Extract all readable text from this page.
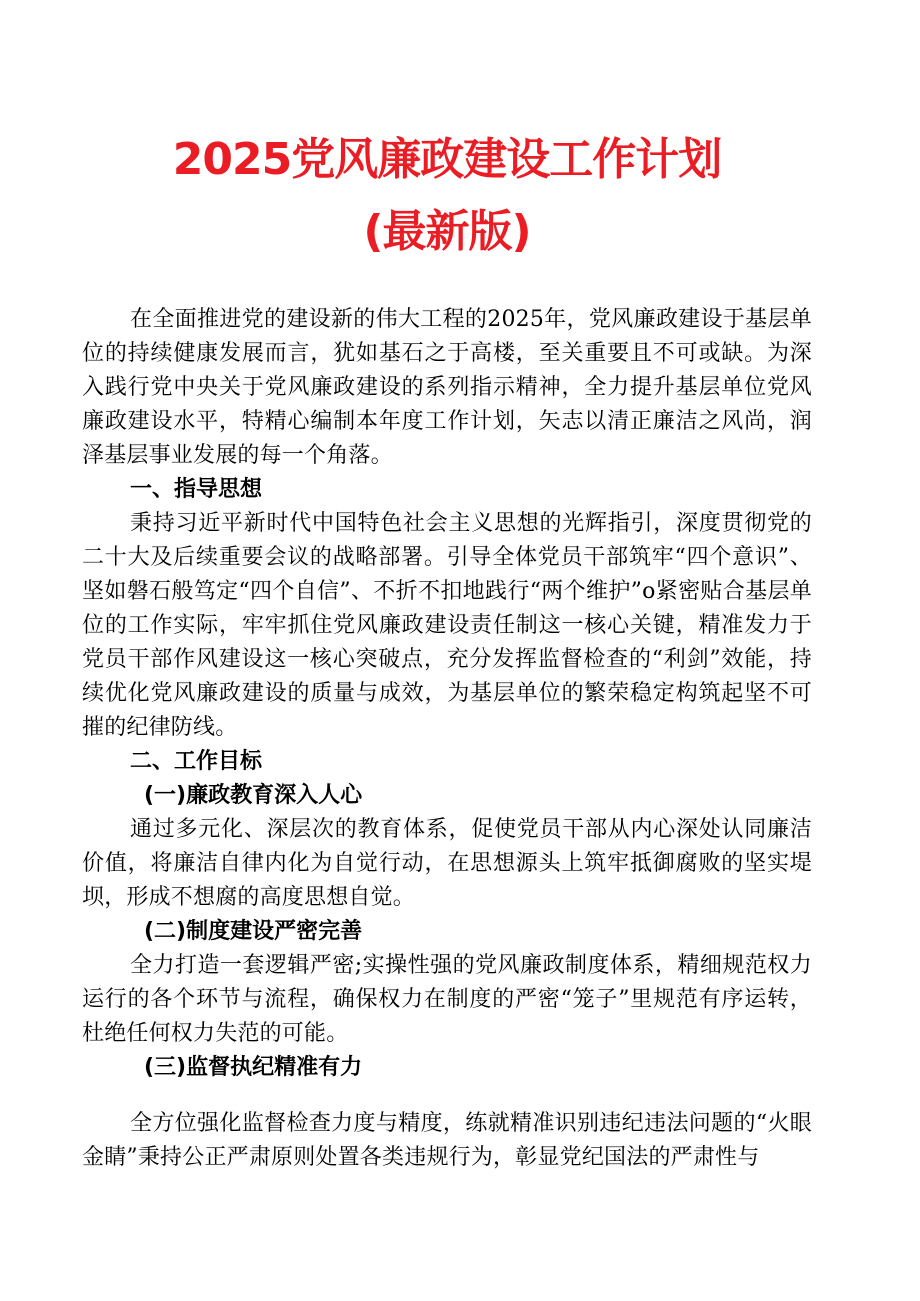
2025党风廉政建设工作计划
(最新版)

在全面推进党的建设新的伟大工程的2025年，党风廉政建设于基层单位的持续健康发展而言，犹如基石之于高楼，至关重要且不可或缺。为深入践行党中央关于党风廉政建设的系列指示精神，全力提升基层单位党风廉政建设水平，特精心编制本年度工作计划，矢志以清正廉洁之风尚，润泽基层事业发展的每一个角落。

一、指导思想

秉持习近平新时代中国特色社会主义思想的光辉指引，深度贯彻党的二十大及后续重要会议的战略部署。引导全体党员干部筑牢“四个意识”、坚如磐石般笃定“四个自信”、不折不扣地践行“两个维护”o紧密贴合基层单位的工作实际，牢牢抓住党风廉政建设责任制这一核心关键，精准发力于党员干部作风建设这一核心突破点，充分发挥监督检查的“利剑”效能，持续优化党风廉政建设的质量与成效，为基层单位的繁荣稳定构筑起坚不可摧的纪律防线。

二、工作目标
(一)廉政教育深入人心

通过多元化、深层次的教育体系，促使党员干部从内心深处认同廉洁价值，将廉洁自律内化为自觉行动，在思想源头上筑牢抵御腐败的坚实堤坝，形成不想腐的高度思想自觉。

(二)制度建设严密完善

全力打造一套逻辑严密;实操性强的党风廉政制度体系，精细规范权力运行的各个环节与流程，确保权力在制度的严密“笼子”里规范有序运转，杜绝任何权力失范的可能。

(三)监督执纪精准有力

全方位强化监督检查力度与精度，练就精准识别违纪违法问题的“火眼金睛”秉持公正严肃原则处置各类违规行为，彰显党纪国法的严肃性与
